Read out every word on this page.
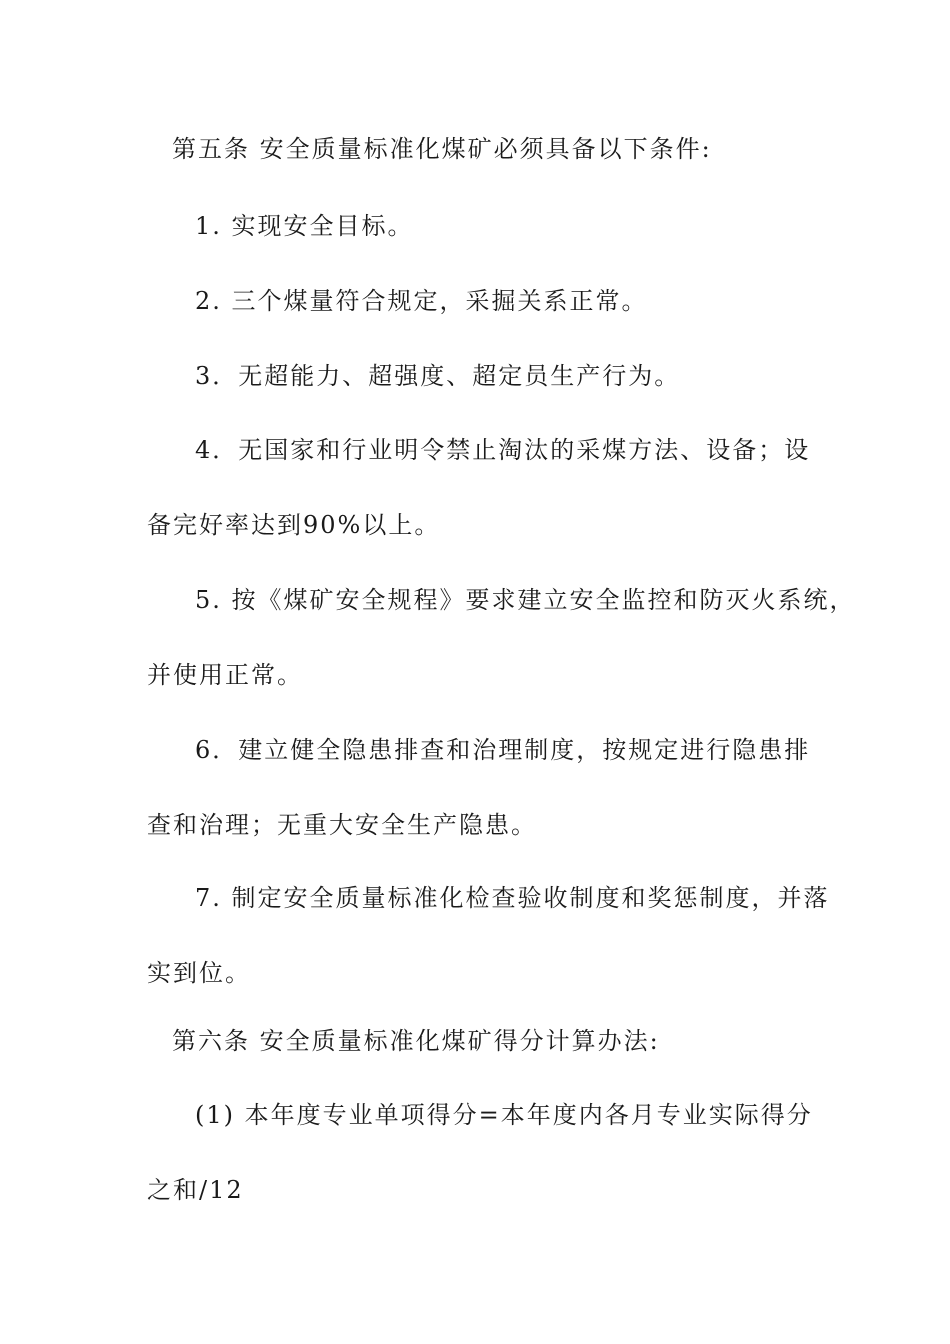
第五条 安全质量标准化煤矿必须具备以下条件:
1. 实现安全目标。
2. 三个煤量符合规定，采掘关系正常。
3．无超能力、超强度、超定员生产行为。
4．无国家和行业明令禁止淘汰的采煤方法、设备；设
备完好率达到90%以上。
5. 按《煤矿安全规程》要求建立安全监控和防灭火系统，
并使用正常。
6．建立健全隐患排查和治理制度，按规定进行隐患排
查和治理；无重大安全生产隐患。
7. 制定安全质量标准化检查验收制度和奖惩制度，并落
实到位。
第六条 安全质量标准化煤矿得分计算办法:
(1) 本年度专业单项得分=本年度内各月专业实际得分
之和/12
